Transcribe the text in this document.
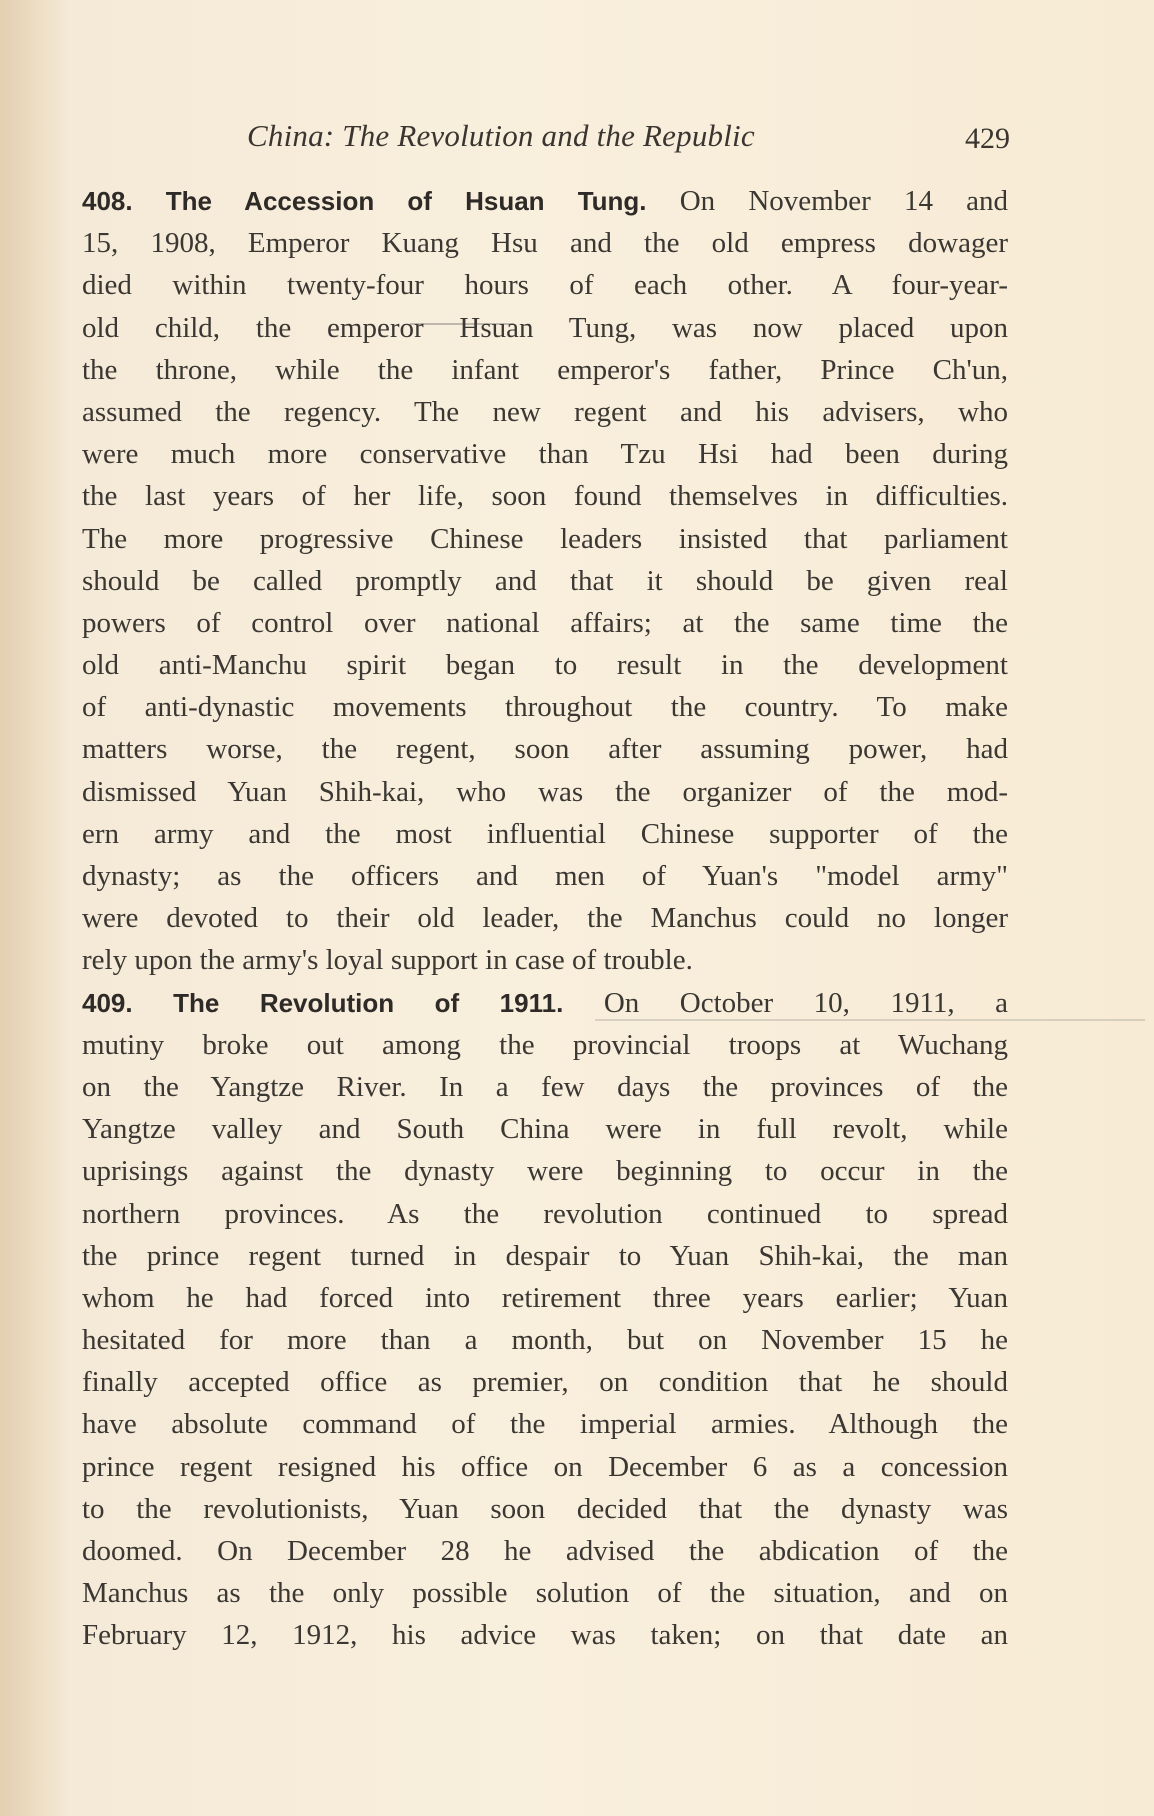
China: The Revolution and the Republic	429
408. The Accession of Hsuan Tung. On November 14 and
15, 1908, Emperor Kuang Hsu and the old empress dowager
died within twenty-four hours of each other. A four-year-
old child, the emperor Hsuan Tung, was now placed upon
the throne, while the infant emperor's father, Prince Ch'un,
assumed the regency. The new regent and his advisers, who
were much more conservative than Tzu Hsi had been during
the last years of her life, soon found themselves in difficulties.
The more progressive Chinese leaders insisted that parliament
should be called promptly and that it should be given real
powers of control over national affairs; at the same time the
old anti-Manchu spirit began to result in the development
of anti-dynastic movements throughout the country. To make
matters worse, the regent, soon after assuming power, had
dismissed Yuan Shih-kai, who was the organizer of the mod-
ern army and the most influential Chinese supporter of the
dynasty; as the officers and men of Yuan's "model army"
were devoted to their old leader, the Manchus could no longer
rely upon the army's loyal support in case of trouble.
409. The Revolution of 1911. On October 10, 1911, a
mutiny broke out among the provincial troops at Wuchang
on the Yangtze River. In a few days the provinces of the
Yangtze valley and South China were in full revolt, while
uprisings against the dynasty were beginning to occur in the
northern provinces. As the revolution continued to spread
the prince regent turned in despair to Yuan Shih-kai, the man
whom he had forced into retirement three years earlier; Yuan
hesitated for more than a month, but on November 15 he
finally accepted office as premier, on condition that he should
have absolute command of the imperial armies. Although the
prince regent resigned his office on December 6 as a concession
to the revolutionists, Yuan soon decided that the dynasty was
doomed. On December 28 he advised the abdication of the
Manchus as the only possible solution of the situation, and on
February 12, 1912, his advice was taken; on that date an
